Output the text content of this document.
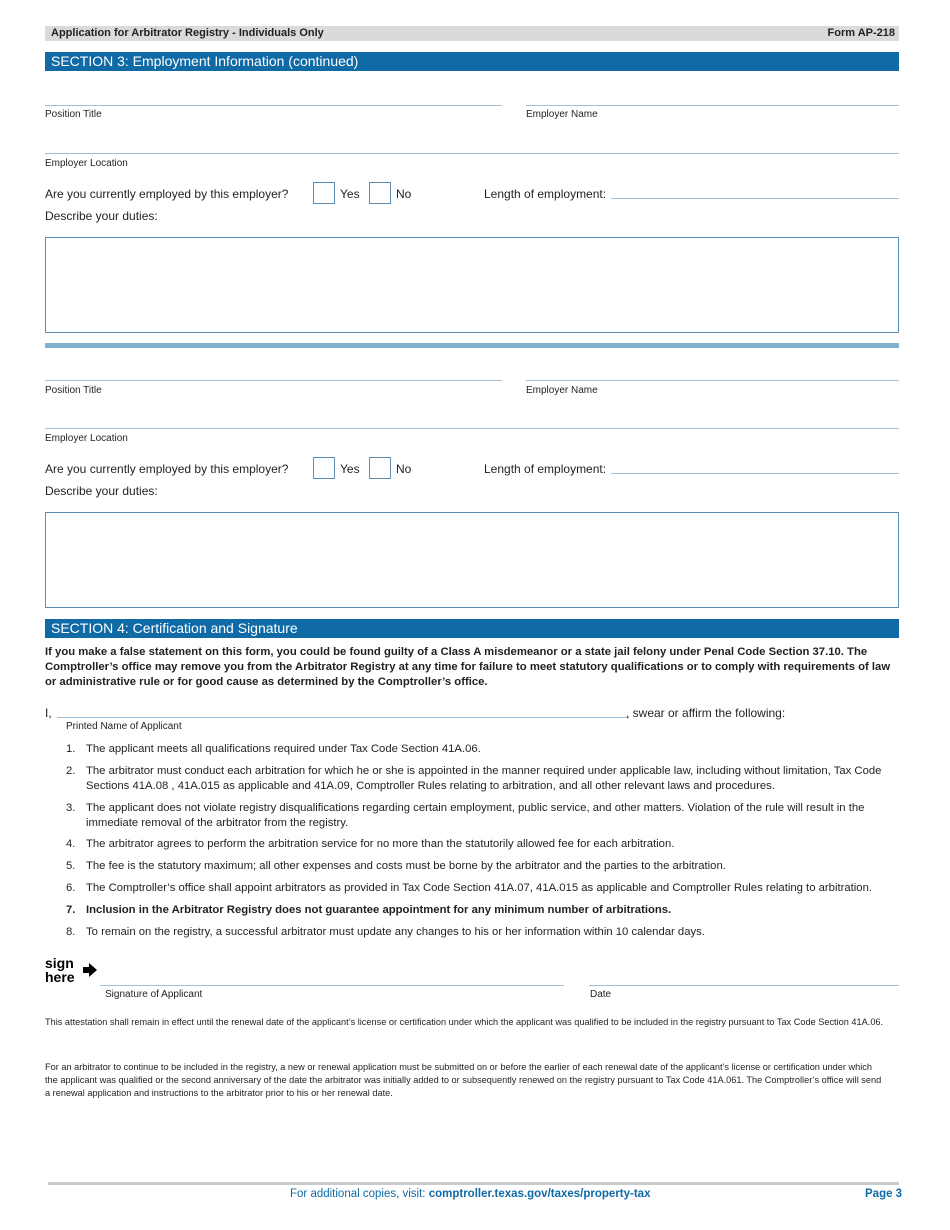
Application for Arbitrator Registry - Individuals Only	Form AP-218
SECTION 3: Employment Information (continued)
Position Title	Employer Name
Employer Location
Are you currently employed by this employer?	Yes	No	Length of employment:
Describe your duties:
Position Title	Employer Name
Employer Location
Are you currently employed by this employer?	Yes	No	Length of employment:
Describe your duties:
SECTION 4: Certification and Signature
If you make a false statement on this form, you could be found guilty of a Class A misdemeanor or a state jail felony under Penal Code Section 37.10. The Comptroller’s office may remove you from the Arbitrator Registry at any time for failure to meet statutory qualifications or to comply with requirements of law or administrative rule or for good cause as determined by the Comptroller’s office.
I,	, swear or affirm the following:
Printed Name of Applicant
1. The applicant meets all qualifications required under Tax Code Section 41A.06.
2. The arbitrator must conduct each arbitration for which he or she is appointed in the manner required under applicable law, including without limitation, Tax Code Sections 41A.08 , 41A.015 as applicable and 41A.09, Comptroller Rules relating to arbitration, and all other relevant laws and procedures.
3. The applicant does not violate registry disqualifications regarding certain employment, public service, and other matters. Violation of the rule will result in the immediate removal of the arbitrator from the registry.
4. The arbitrator agrees to perform the arbitration service for no more than the statutorily allowed fee for each arbitration.
5. The fee is the statutory maximum; all other expenses and costs must be borne by the arbitrator and the parties to the arbitration.
6. The Comptroller’s office shall appoint arbitrators as provided in Tax Code Section 41A.07, 41A.015 as applicable and Comptroller Rules relating to arbitration.
7. Inclusion in the Arbitrator Registry does not guarantee appointment for any minimum number of arbitrations.
8. To remain on the registry, a successful arbitrator must update any changes to his or her information within 10 calendar days.
sign
here
Signature of Applicant	Date
This attestation shall remain in effect until the renewal date of the applicant’s license or certification under which the applicant was qualified to be included in the registry pursuant to Tax Code Section 41A.06.
For an arbitrator to continue to be included in the registry, a new or renewal application must be submitted on or before the earlier of each renewal date of the applicant’s license or certification under which the applicant was qualified or the second anniversary of the date the arbitrator was initially added to or subsequently renewed on the registry pursuant to Tax Code 41A.061. The Comptroller’s office will send a renewal application and instructions to the arbitrator prior to his or her renewal date.
For additional copies, visit: comptroller.texas.gov/taxes/property-tax	Page 3
